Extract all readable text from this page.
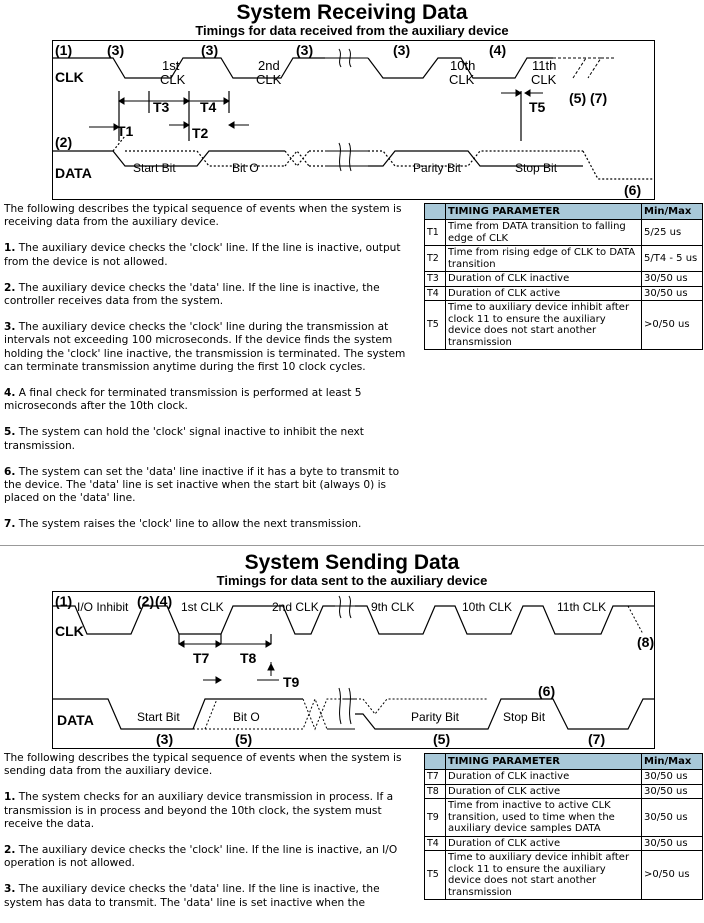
System Receiving Data
Timings for data received from the auxiliary device
(1)
(2)
(3)	(3)	(3)	(3)	(4)
(5) (7)
(6)
CLK
DATA
1st
CLK
2nd
CLK
10th
CLK
11th
CLK
T1	T2
T3 T4	T5
Start Bit	Bit O	Parity Bit	Stop Bit

The following describes the typical sequence of events when the system is receiving data from the auxiliary device.

1. The auxiliary device checks the 'clock' line. If the line is inactive, output from the device is not allowed.

2. The auxiliary device checks the 'data' line. If the line is inactive, the controller receives data from the system.

3. The auxiliary device checks the 'clock' line during the transmission at intervals not exceeding 100 microseconds. If the device finds the system holding the 'clock' line inactive, the transmission is terminated. The system can terminate transmission anytime during the first 10 clock cycles.

4. A final check for terminated transmission is performed at least 5 microseconds after the 10th clock.

5. The system can hold the 'clock' signal inactive to inhibit the next transmission.

6. The system can set the 'data' line inactive if it has a byte to transmit to the device. The 'data' line is set inactive when the start bit (always 0) is placed on the 'data' line.

7. The system raises the 'clock' line to allow the next transmission.

	TIMING PARAMETER	Min/Max
T1	Time from DATA transition to falling edge of CLK	5/25 us
T2	Time from rising edge of CLK to DATA transition	5/T4 - 5 us
T3	Duration of CLK inactive	30/50 us
T4	Duration of CLK active	30/50 us
T5	Time to auxiliary device inhibit after clock 11 to ensure the auxiliary device does not start another transmission	>0/50 us
System Sending Data
Timings for data sent to the auxiliary device
(1)	(2) (4)
(8)
(6)
(3)	(5)	(5)	(7)
CLK
DATA
I/O Inhibit	1st CLK	2nd CLK	9th CLK	10th CLK	11th CLK
T7 T8
T9
Start Bit	Bit O	Parity Bit	Stop Bit

The following describes the typical sequence of events when the system is sending data from the auxiliary device.

1. The system checks for an auxiliary device transmission in process. If a transmission is in process and beyond the 10th clock, the system must receive the data.

2. The auxiliary device checks the 'clock' line. If the line is inactive, an I/O operation is not allowed.

3. The auxiliary device checks the 'data' line. If the line is inactive, the system has data to transmit. The 'data' line is set inactive when the

	TIMING PARAMETER	Min/Max
T7	Duration of CLK inactive	30/50 us
T8	Duration of CLK active	30/50 us
T9	Time from inactive to active CLK transition, used to time when the auxiliary device samples DATA	30/50 us
T4	Duration of CLK active	30/50 us
T5	Time to auxiliary device inhibit after clock 11 to ensure the auxiliary device does not start another transmission	>0/50 us
